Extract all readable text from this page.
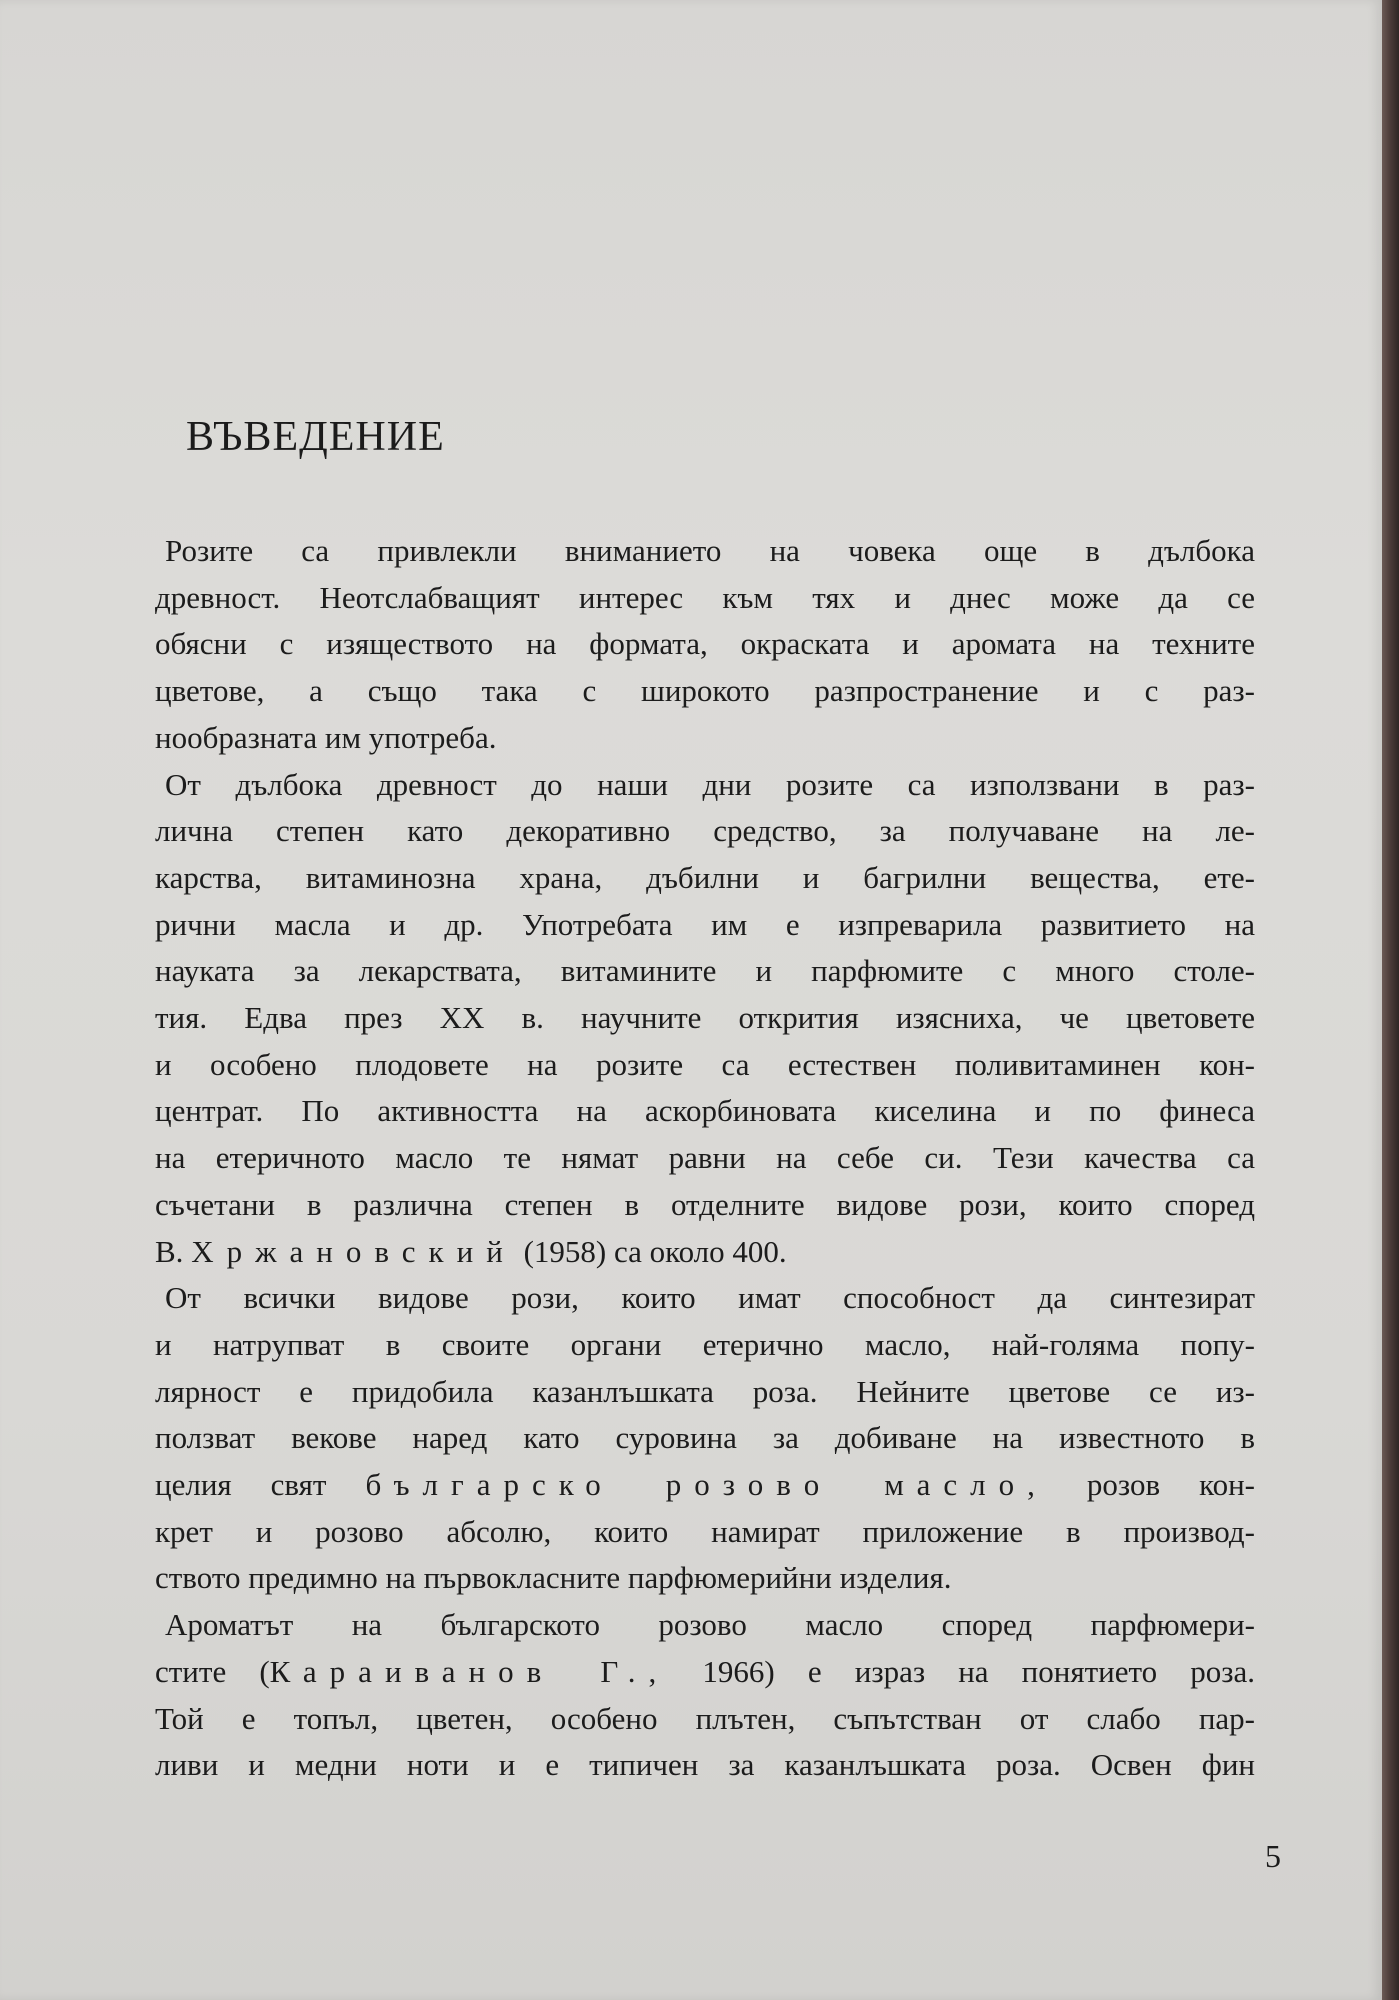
ВЪВЕДЕНИЕ
Розите са привлекли вниманието на човека още в дълбока
древност. Неотслабващият интерес към тях и днес може да се
обясни с изяществото на формата, окраската и аромата на техните
цветове, а също така с широкото разпространение и с раз-
нообразната им употреба.
От дълбока древност до наши дни розите са използвани в раз-
лична степен като декоративно средство, за получаване на ле-
карства, витаминозна храна, дъбилни и багрилни вещества, ете-
рични масла и др. Употребата им е изпреварила развитието на
науката за лекарствата, витамините и парфюмите с много столе-
тия. Едва през XX в. научните открития изясниха, че цветовете
и особено плодовете на розите са естествен поливитаминен кон-
центрат. По активността на аскорбиновата киселина и по финеса
на етеричното масло те нямат равни на себе си. Тези качества са
съчетани в различна степен в отделните видове рози, които според
В. Хржановский (1958) са около 400.
От всички видове рози, които имат способност да синтезират
и натрупват в своите органи етерично масло, най-голяма попу-
лярност е придобила казанлъшката роза. Нейните цветове се из-
ползват векове наред като суровина за добиване на известното в
целия свят българско розово масло, розов кон-
крет и розово абсолю, които намират приложение в производ-
ството предимно на първокласните парфюмерийни изделия.
Ароматът на българското розово масло според парфюмери-
стите (Караиванов Г., 1966) е израз на понятието роза.
Той е топъл, цветен, особено плътен, съпътстван от слабо пар-
ливи и медни ноти и е типичен за казанлъшката роза. Освен фин
5
